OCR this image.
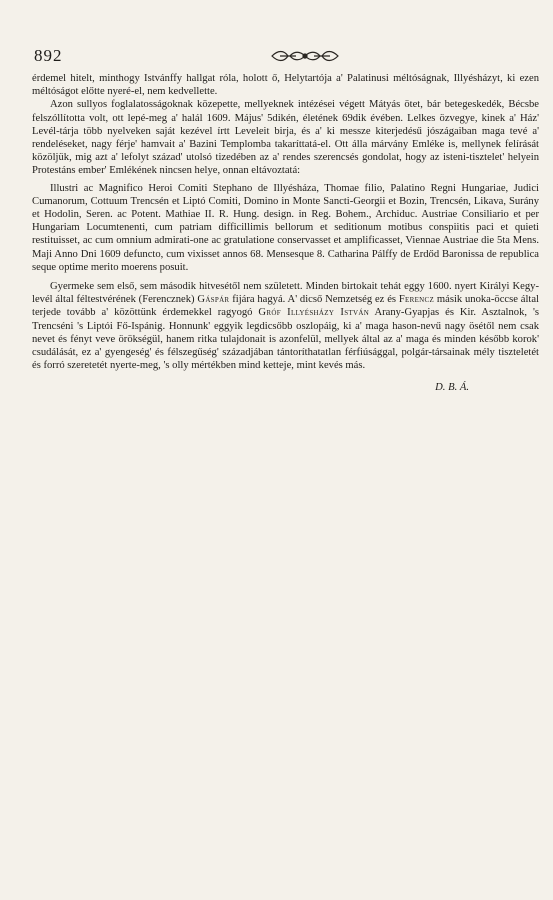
892

érdemel hitelt, minthogy Istvánffy hallgat róla, holott ő, Helytartója a' Palatinusi méltóságnak, Illyésházyt, ki ezen méltóságot előtte nyeré-el, nem kedvellette.

Azon sullyos foglalatosságoknak közepette, mellyeknek intézései végett Mátyás ötet, bár betegeskedék, Bécsbe felszóllította volt, ott lepé-meg a' halál 1609. Május' 5dikén, életének 69dik évében. Lelkes özvegye, kinek a' Ház' Levél-tárja több nyelveken saját kezével írtt Leveleit birja, és a' ki messze kiterjedésű jószágaiban maga tevé a' rendeléseket, nagy férje' hamvait a' Bazini Templomba takaríttatá-el. Ott álla márvány Emléke is, mellynek felírását közöljük, mig azt a' lefolyt század' utolsó tizedében az a' rendes szerencsés gondolat, hogy az isteni-tisztelet' helyein Protestáns ember' Emlékének nincsen helye, onnan eltávoztatá:

Illustri ac Magnifico Heroi Comiti Stephano de Illyésháza, Thomae filio, Palatino Regni Hungariae, Judici Cumanorum, Cottuum Trencsén et Liptó Comiti, Domino in Monte Sancti-Georgii et Bozin, Trencsén, Likava, Surány et Hodolin, Seren. ac Potent. Mathiae II. R. Hung. design. in Reg. Bohem., Archiduc. Austriae Consiliario et per Hungariam Locumtenenti, cum patriam difficillimis bellorum et seditionum motibus conspiitis paci et quieti restituisset, ac cum omnium admirati-one ac gratulatione conservasset et amplificasset, Viennae Austriae die 5ta Mens. Maji Anno Dni 1609 defuncto, cum vixisset annos 68. Mensesque 8. Catharina Pálffy de Erdőd Baronissa de republica seque optime merito moerens posuit.

Gyermeke sem első, sem második hitvesétől nem született. Minden birtokait tehát eggy 1600. nyert Királyi Kegy-levél által féltestvérének (Ferencznek) Gáspár fijára hagyá. A' dicső Nemzetség ez és Ferencz másik unoka-öccse által terjede tovább a' közöttünk érdemekkel ragyogó Gróf Illyésházy István Arany-Gyapjas és Kir. Asztalnok, 's Trencséni 's Liptói Fő-Ispánig. Honnunk' eggyik legdicsőbb oszlopáig, ki a' maga hason-nevű nagy ösétől nem csak nevet és fényt veve örökségül, hanem ritka tulajdonait is azonfelül, mellyek által az a' maga és minden később korok' csudálását, ez a' gyengeség' és félszegűség' századjában tántoríthatatlan férfiúsággal, polgár-társainak mély tiszteletét és forró szeretetét nyerte-meg, 's olly mértékben mind ketteje, mint kevés más.

D. B. Á.
